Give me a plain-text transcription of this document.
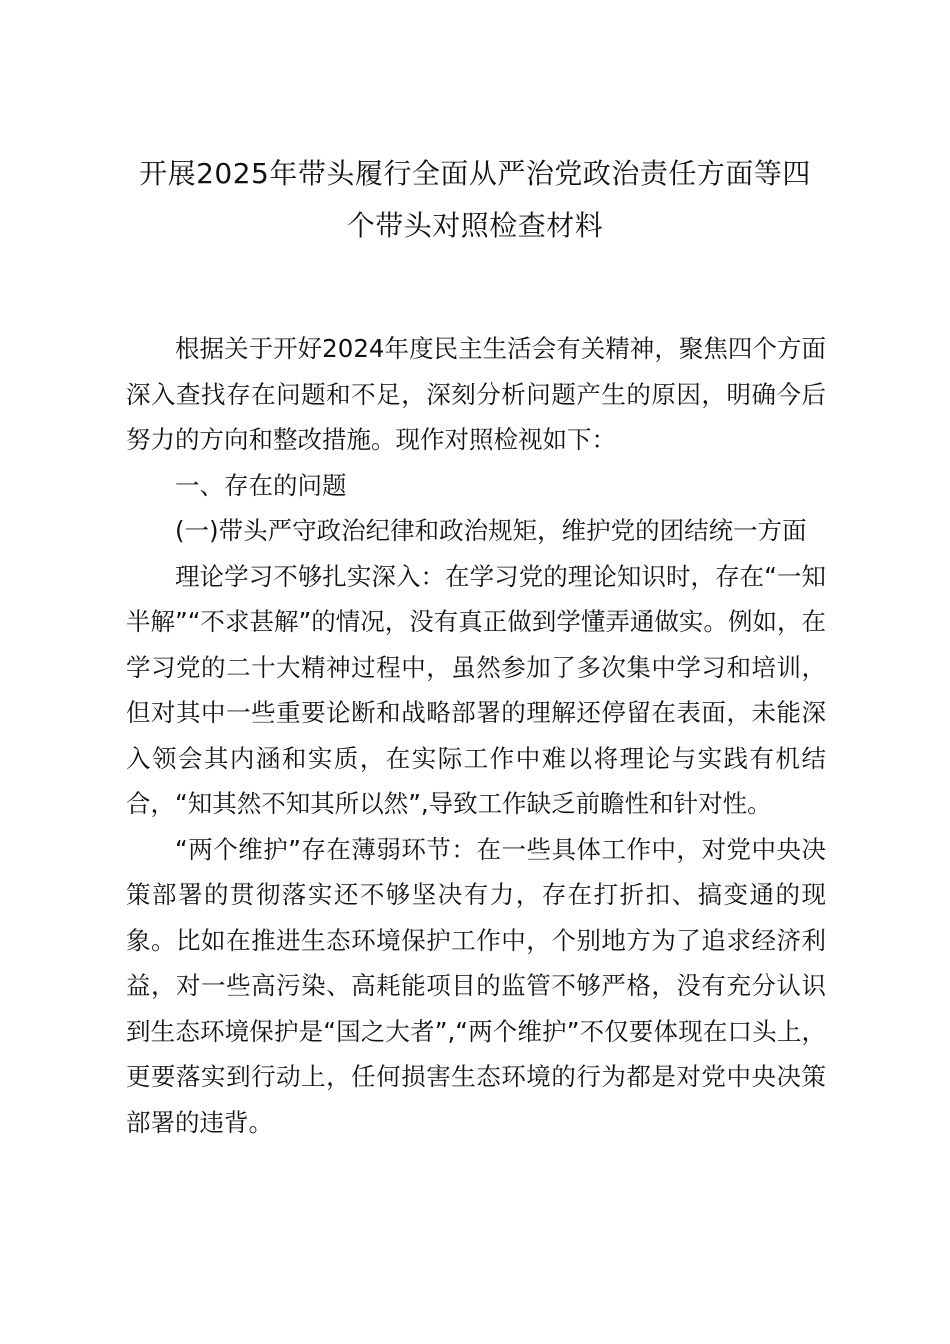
开展2025年带头履行全面从严治党政治责任方面等四
个带头对照检查材料

根据关于开好2024年度民主生活会有关精神，聚焦四个方面深入查找存在问题和不足，深刻分析问题产生的原因，明确今后努力的方向和整改措施。现作对照检视如下：

一、存在的问题

(一)带头严守政治纪律和政治规矩，维护党的团结统一方面

理论学习不够扎实深入：在学习党的理论知识时，存在“一知半解”“不求甚解”的情况，没有真正做到学懂弄通做实。例如，在学习党的二十大精神过程中，虽然参加了多次集中学习和培训，但对其中一些重要论断和战略部署的理解还停留在表面，未能深入领会其内涵和实质，在实际工作中难以将理论与实践有机结合，“知其然不知其所以然”,导致工作缺乏前瞻性和针对性。

“两个维护”存在薄弱环节：在一些具体工作中，对党中央决策部署的贯彻落实还不够坚决有力，存在打折扣、搞变通的现象。比如在推进生态环境保护工作中，个别地方为了追求经济利益，对一些高污染、高耗能项目的监管不够严格，没有充分认识到生态环境保护是“国之大者”,“两个维护”不仅要体现在口头上，更要落实到行动上，任何损害生态环境的行为都是对党中央决策部署的违背。
